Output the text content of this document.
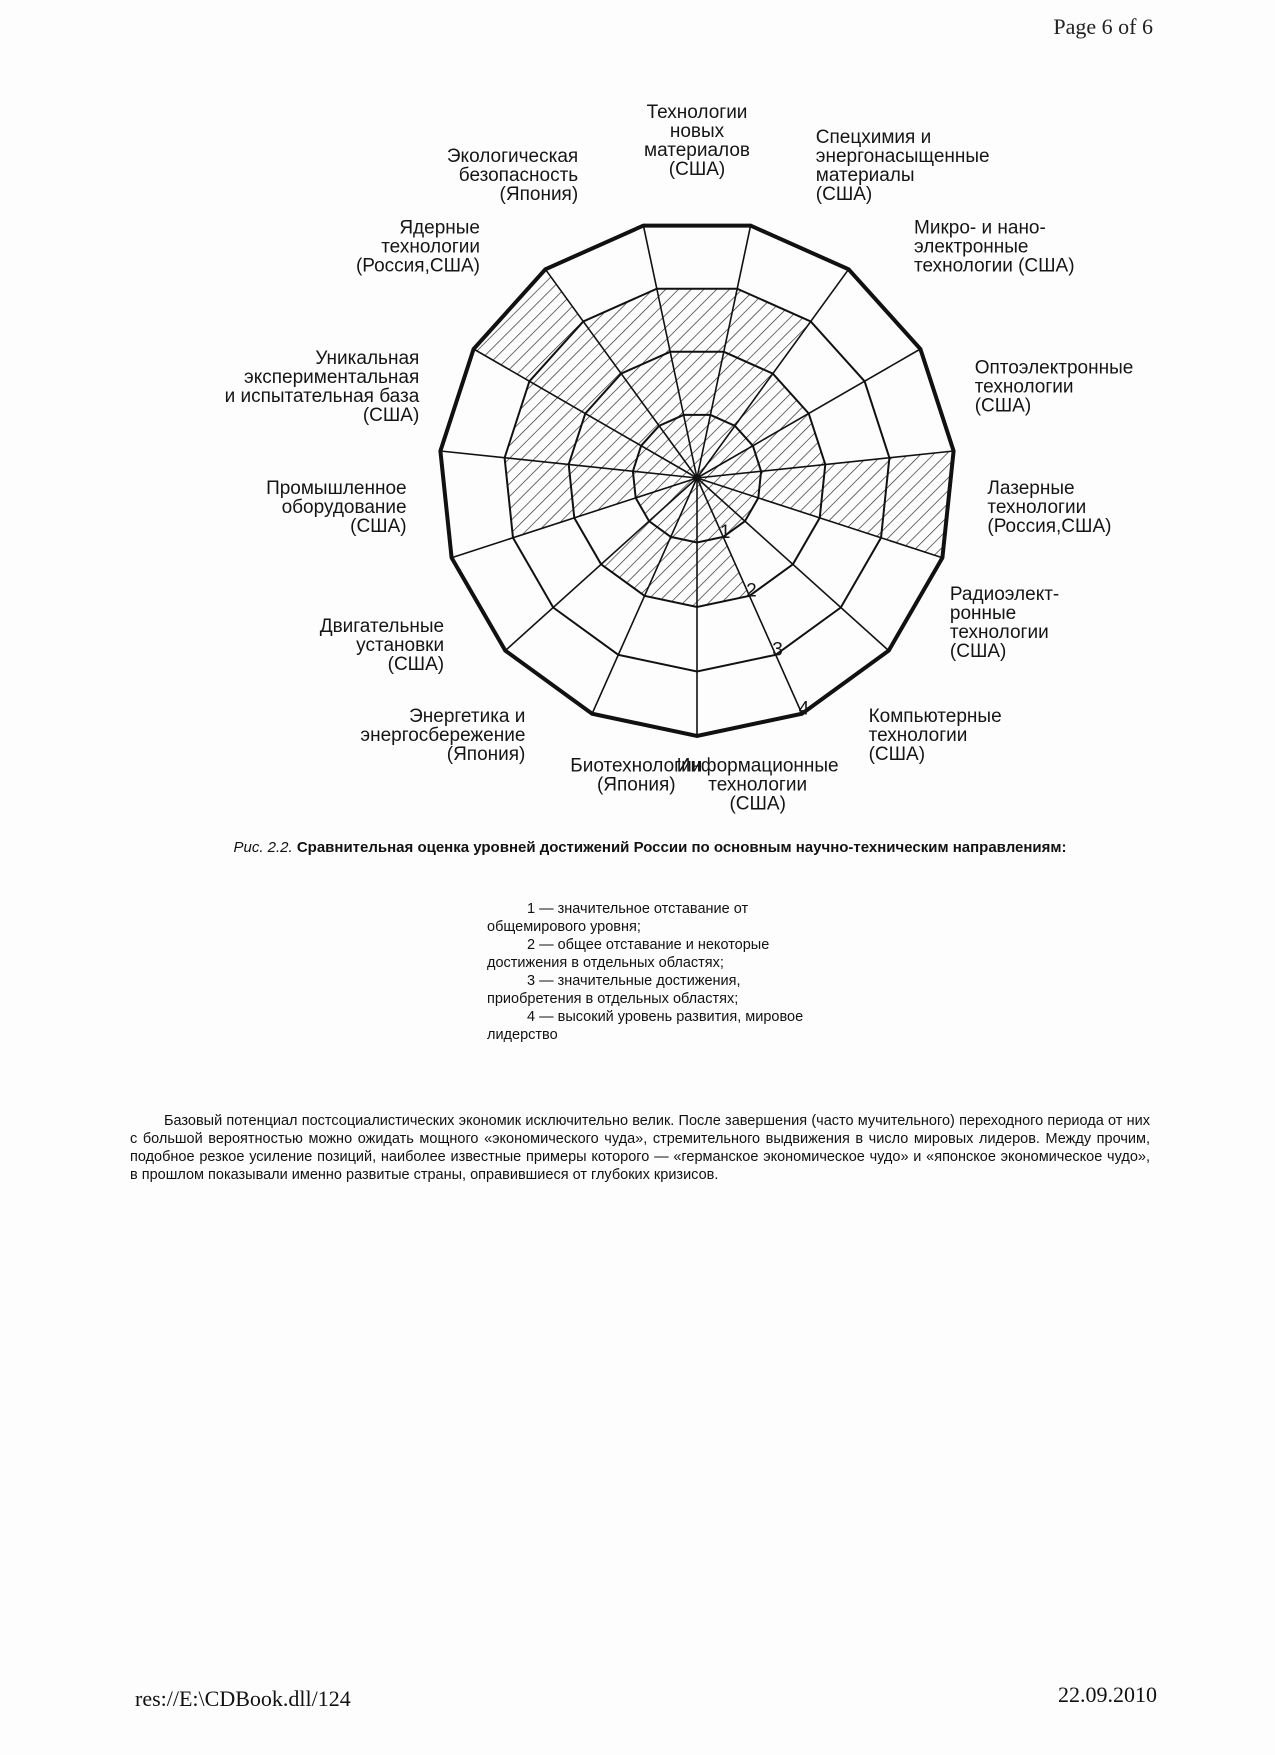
Page 6 of 6
Технологии новых материалов (США)
Спецхимия и энергонасыщенные материалы (США)
Микро- и нано-электронные технологии (США)
Оптоэлектронные технологии (США)
Лазерные технологии (Россия,США)
Радиоэлект-ронные технологии (США)
Компьютерные технологии (США)
Информационные технологии (США)
Биотехнологии (Япония)
Энергетика и энергосбережение (Япония)
Двигательные установки (США)
Промышленное оборудование (США)
Уникальная экспериментальная и испытательная база (США)
Ядерные технологии (Россия,США)
Экологическая безопасность (Япония)
1
2
3
4
Рис. 2.2. Сравнительная оценка уровней достижений России по основным научно-техническим направлениям:
1 — значительное отставание от общемирового уровня;
2 — общее отставание и некоторые достижения в отдельных областях;
3 — значительные достижения, приобретения в отдельных областях;
4 — высокий уровень развития, мировое лидерство
Базовый потенциал постсоциалистических экономик исключительно велик. После завершения (часто мучительного) переходного периода от них с большой вероятностью можно ожидать мощного «экономического чуда», стремительного выдвижения в число мировых лидеров. Между прочим, подобное резкое усиление позиций, наиболее известные примеры которого — «германское экономическое чудо» и «японское экономическое чудо», в прошлом показывали именно развитые страны, оправившиеся от глубоких кризисов.
res://E:\CDBook.dll/124	22.09.2010
